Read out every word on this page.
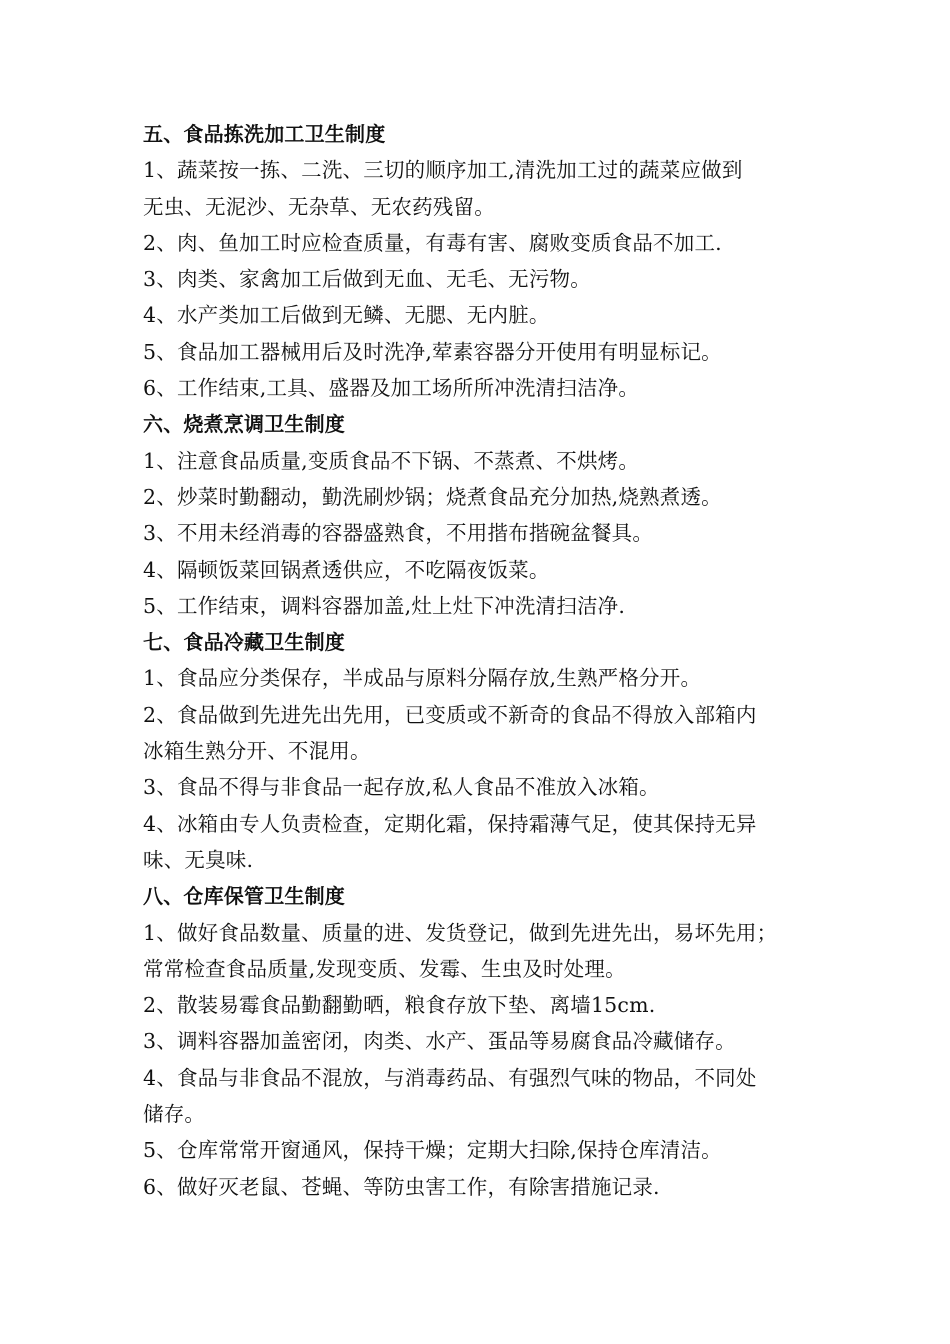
五、食品拣洗加工卫生制度
1、蔬菜按一拣、二洗、三切的顺序加工,清洗加工过的蔬菜应做到
无虫、无泥沙、无杂草、无农药残留。
2、肉、鱼加工时应检查质量，有毒有害、腐败变质食品不加工.
3、肉类、家禽加工后做到无血、无毛、无污物。
4、水产类加工后做到无鳞、无腮、无内脏。
5、食品加工器械用后及时洗净,荤素容器分开使用有明显标记。
6、工作结束,工具、盛器及加工场所所冲洗清扫洁净。
六、烧煮烹调卫生制度
1、注意食品质量,变质食品不下锅、不蒸煮、不烘烤。
2、炒菜时勤翻动，勤洗刷炒锅；烧煮食品充分加热,烧熟煮透。
3、不用未经消毒的容器盛熟食，不用揩布揩碗盆餐具。
4、隔顿饭菜回锅煮透供应，不吃隔夜饭菜。
5、工作结束，调料容器加盖,灶上灶下冲洗清扫洁净.
七、食品冷藏卫生制度
1、食品应分类保存，半成品与原料分隔存放,生熟严格分开。
2、食品做到先进先出先用，已变质或不新奇的食品不得放入部箱内
冰箱生熟分开、不混用。
3、食品不得与非食品一起存放,私人食品不准放入冰箱。
4、冰箱由专人负责检查，定期化霜，保持霜薄气足，使其保持无异
味、无臭味.
八、仓库保管卫生制度
1、做好食品数量、质量的进、发货登记，做到先进先出，易坏先用；
常常检查食品质量,发现变质、发霉、生虫及时处理。
2、散装易霉食品勤翻勤晒，粮食存放下垫、离墙15cm.
3、调料容器加盖密闭，肉类、水产、蛋品等易腐食品冷藏储存。
4、食品与非食品不混放，与消毒药品、有强烈气味的物品，不同处
储存。
5、仓库常常开窗通风，保持干燥；定期大扫除,保持仓库清洁。
6、做好灭老鼠、苍蝇、等防虫害工作，有除害措施记录.
